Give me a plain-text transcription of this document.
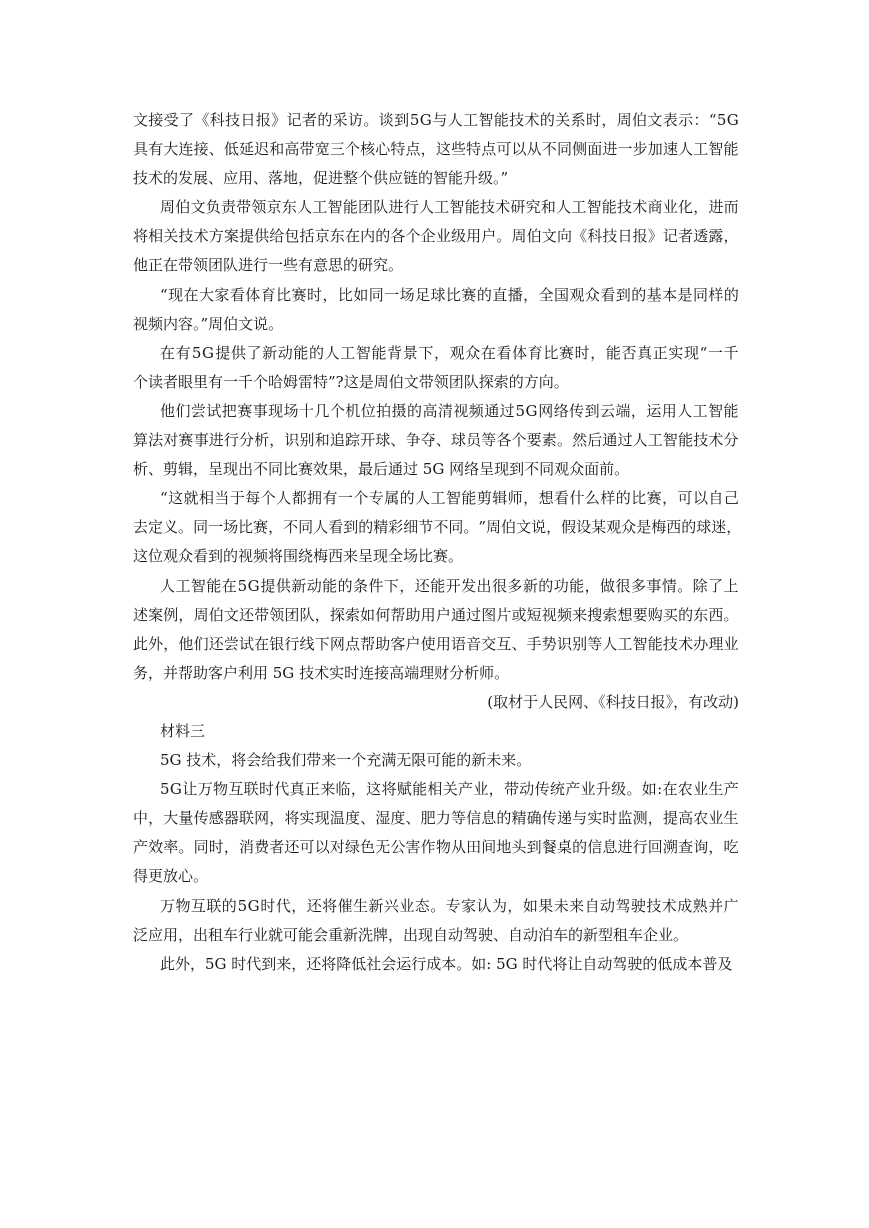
文 接 受 了 《 科 技 日 报 》 记 者 的 采 访 。 谈 到 5 G 与 人 工 智 能 技 术 的 关 系 时 ， 周 伯 文 表 示 ： “ 5 G
具 有 大 连 接 、 低 延 迟 和 高 带 宽 三 个 核 心 特 点 ， 这 些 特 点 可 以 从 不 同 侧 面 进 一 步 加 速 人 工 智 能
技术的发展、应用、落地，促进整个供应链的智能升级。”
周 伯 文 负 责 带 领 京 东 人 工 智 能 团 队 进 行 人 工 智 能 技 术 研 究 和 人 工 智 能 技 术 商 业 化 ， 进 而
将 相 关 技 术 方 案 提 供 给 包 括 京 东 在 内 的 各 个 企 业 级 用 户 。 周 伯 文 向 《 科 技 日 报 》 记 者 透 露 ，
他正在带领团队进行一些有意思的研究。
“ 现 在 大 家 看 体 育 比 赛 时 ， 比 如 同 一 场 足 球 比 赛 的 直 播 ， 全 国 观 众 看 到 的 基 本 是 同 样 的
视频内容。”周伯文说。
在 有 5 G 提 供 了 新 动 能 的 人 工 智 能 背 景 下 ， 观 众 在 看 体 育 比 赛 时 ， 能 否 真 正 实 现 “ 一 千
个读者眼里有一千个哈姆雷特”?这是周伯文带领团队探索的方向。
他 们 尝 试 把 赛 事 现 场 十 几 个 机 位 拍 摄 的 高 清 视 频 通 过 5 G 网 络 传 到 云 端 ， 运 用 人 工 智 能
算 法 对 赛 事 进 行 分 析 ， 识 别 和 追 踪 开 球 、 争 夺 、 球 员 等 各 个 要 素 。 然 后 通 过 人 工 智 能 技 术 分
析、剪辑，呈现出不同比赛效果，最后通过 5G 网络呈现到不同观众面前。
“ 这 就 相 当 于 每 个 人 都 拥 有 一 个 专 属 的 人 工 智 能 剪 辑 师 ， 想 看 什 么 样 的 比 赛 ， 可 以 自 己
去 定 义 。 同 一 场 比 赛 ， 不 同 人 看 到 的 精 彩 细 节 不 同 。 ” 周 伯 文 说 ， 假 设 某 观 众 是 梅 西 的 球 迷 ，
这位观众看到的视频将围绕梅西来呈现全场比赛。
人 工 智 能 在 5 G 提 供 新 动 能 的 条 件 下 ， 还 能 开 发 出 很 多 新 的 功 能 ， 做 很 多 事 情 。 除 了 上
述 案 例 ， 周 伯 文 还 带 领 团 队 ， 探 索 如 何 帮 助 用 户 通 过 图 片 或 短 视 频 来 搜 索 想 要 购 买 的 东 西 。
此 外 ， 他 们 还 尝 试 在 银 行 线 下 网 点 帮 助 客 户 使 用 语 音 交 互 、 手 势 识 别 等 人 工 智 能 技 术 办 理 业
务，并帮助客户利用 5G 技术实时连接高端理财分析师。
(取材于人民网、《科技日报》，有改动)
材料三
5G 技术，将会给我们带来一个充满无限可能的新未来。
5 G 让 万 物 互 联 时 代 真 正 来 临 ， 这 将 赋 能 相 关 产 业 ， 带 动 传 统 产 业 升 级 。 如 : 在 农 业 生 产
中 ， 大 量 传 感 器 联 网 ， 将 实 现 温 度 、 湿 度 、 肥 力 等 信 息 的 精 确 传 递 与 实 时 监 测 ， 提 高 农 业 生
产 效 率 。 同 时 ， 消 费 者 还 可 以 对 绿 色 无 公 害 作 物 从 田 间 地 头 到 餐 桌 的 信 息 进 行 回 溯 查 询 ， 吃
得更放心。
万 物 互 联 的 5 G 时 代 ， 还 将 催 生 新 兴 业 态 。 专 家 认 为 ， 如 果 未 来 自 动 驾 驶 技 术 成 熟 并 广
泛应用，出租车行业就可能会重新洗牌，出现自动驾驶、自动泊车的新型租车企业。
此外，5G 时代到来，还将降低社会运行成本。如: 5G 时代将让自动驾驶的低成本普及
